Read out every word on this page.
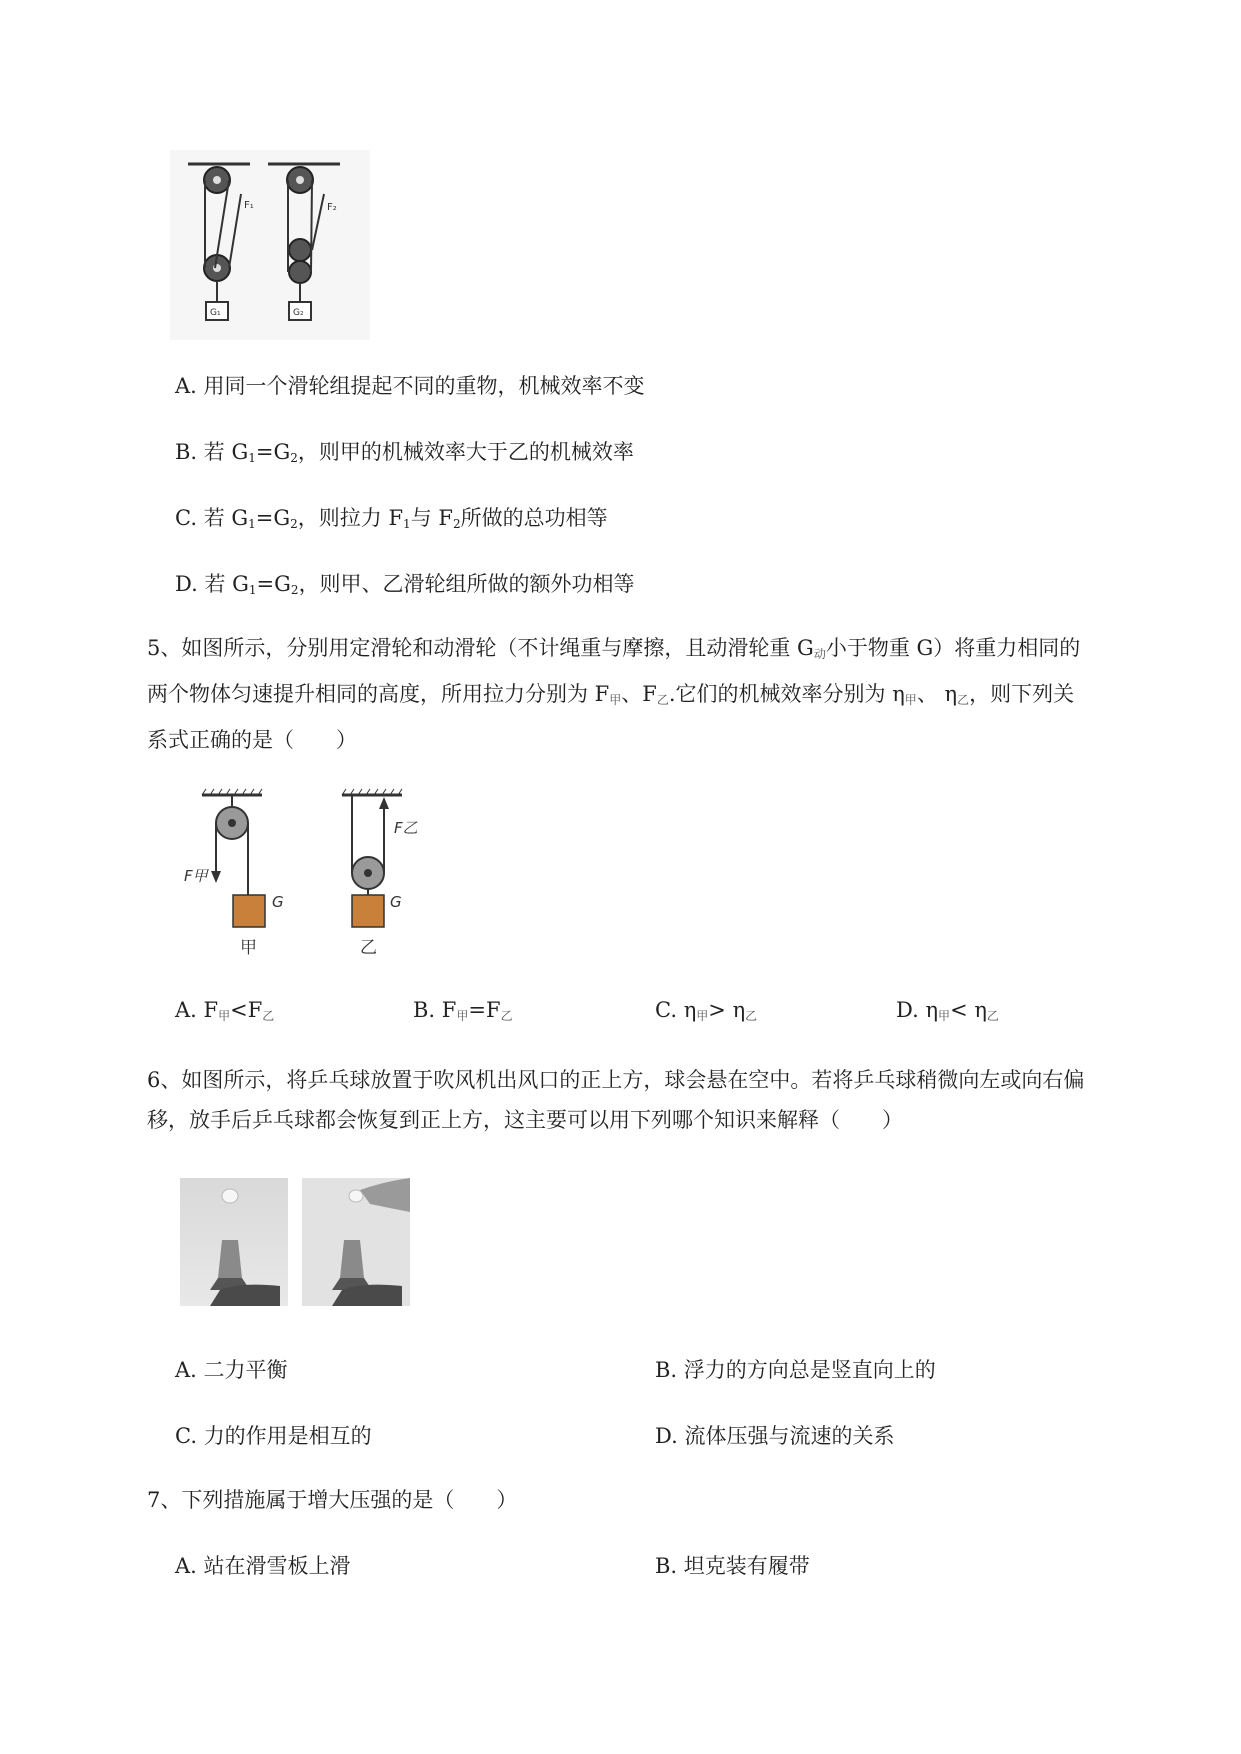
F₁
G₁
F₂
G₂
A. 用同一个滑轮组提起不同的重物，机械效率不变
B. 若 $G_1=G_2$，则甲的机械效率大于乙的机械效率
C. 若 $G_1=G_2$，则拉力 $F_1$与 $F_2$所做的总功相等
D. 若 $G_1=G_2$，则甲、乙滑轮组所做的额外功相等
5、如图所示，分别用定滑轮和动滑轮（不计绳重与摩擦，且动滑轮重 G动小于物重 G）将重力相同的
两个物体匀速提升相同的高度，所用拉力分别为 F甲、F乙.它们的机械效率分别为 η甲、 η乙，则下列关
系式正确的是（　　）
F甲
G
甲
F乙
G
乙
A. F甲<F乙	B. F甲=F乙	C. η甲> η乙	D. η甲< η乙
6、如图所示，将乒乓球放置于吹风机出风口的正上方，球会悬在空中。若将乒乓球稍微向左或向右偏
移，放手后乒乓球都会恢复到正上方，这主要可以用下列哪个知识来解释（　　）
A. 二力平衡	B. 浮力的方向总是竖直向上的
C. 力的作用是相互的	D. 流体压强与流速的关系
7、下列措施属于增大压强的是（　　）
A. 站在滑雪板上滑	B. 坦克装有履带
